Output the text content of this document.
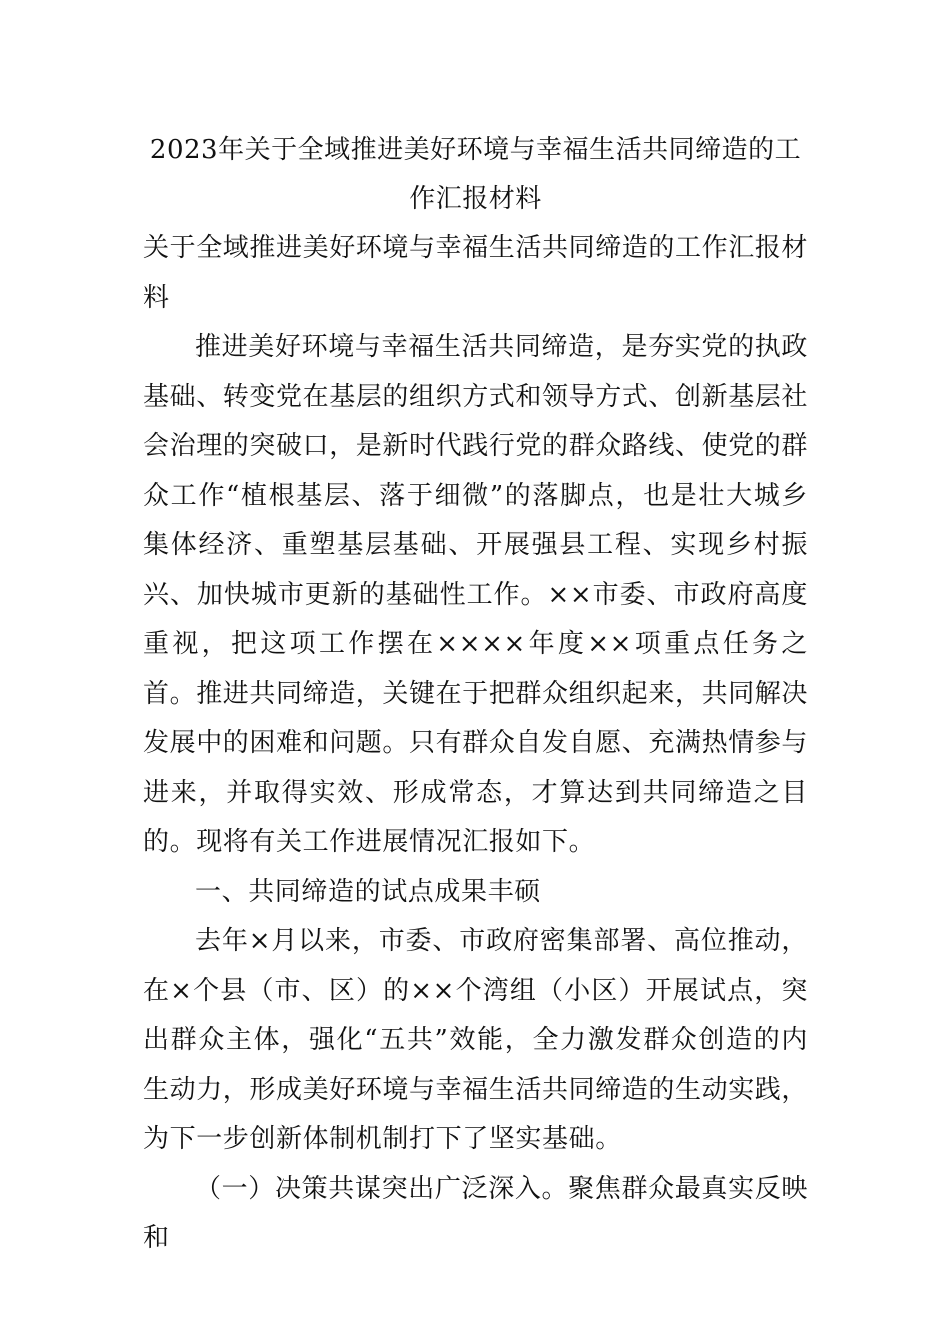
2023年关于全域推进美好环境与幸福生活共同缔造的工作汇报材料

关于全域推进美好环境与幸福生活共同缔造的工作汇报材料

推进美好环境与幸福生活共同缔造，是夯实党的执政基础、转变党在基层的组织方式和领导方式、创新基层社会治理的突破口，是新时代践行党的群众路线、使党的群众工作“植根基层、落于细微”的落脚点，也是壮大城乡集体经济、重塑基层基础、开展强县工程、实现乡村振兴、加快城市更新的基础性工作。××市委、市政府高度重视，把这项工作摆在××××年度××项重点任务之首。推进共同缔造，关键在于把群众组织起来，共同解决发展中的困难和问题。只有群众自发自愿、充满热情参与进来，并取得实效、形成常态，才算达到共同缔造之目的。现将有关工作进展情况汇报如下。

一、共同缔造的试点成果丰硕

去年×月以来，市委、市政府密集部署、高位推动，在×个县（市、区）的××个湾组（小区）开展试点，突出群众主体，强化“五共”效能，全力激发群众创造的内生动力，形成美好环境与幸福生活共同缔造的生动实践，为下一步创新体制机制打下了坚实基础。

（一）决策共谋突出广泛深入。聚焦群众最真实反映和
